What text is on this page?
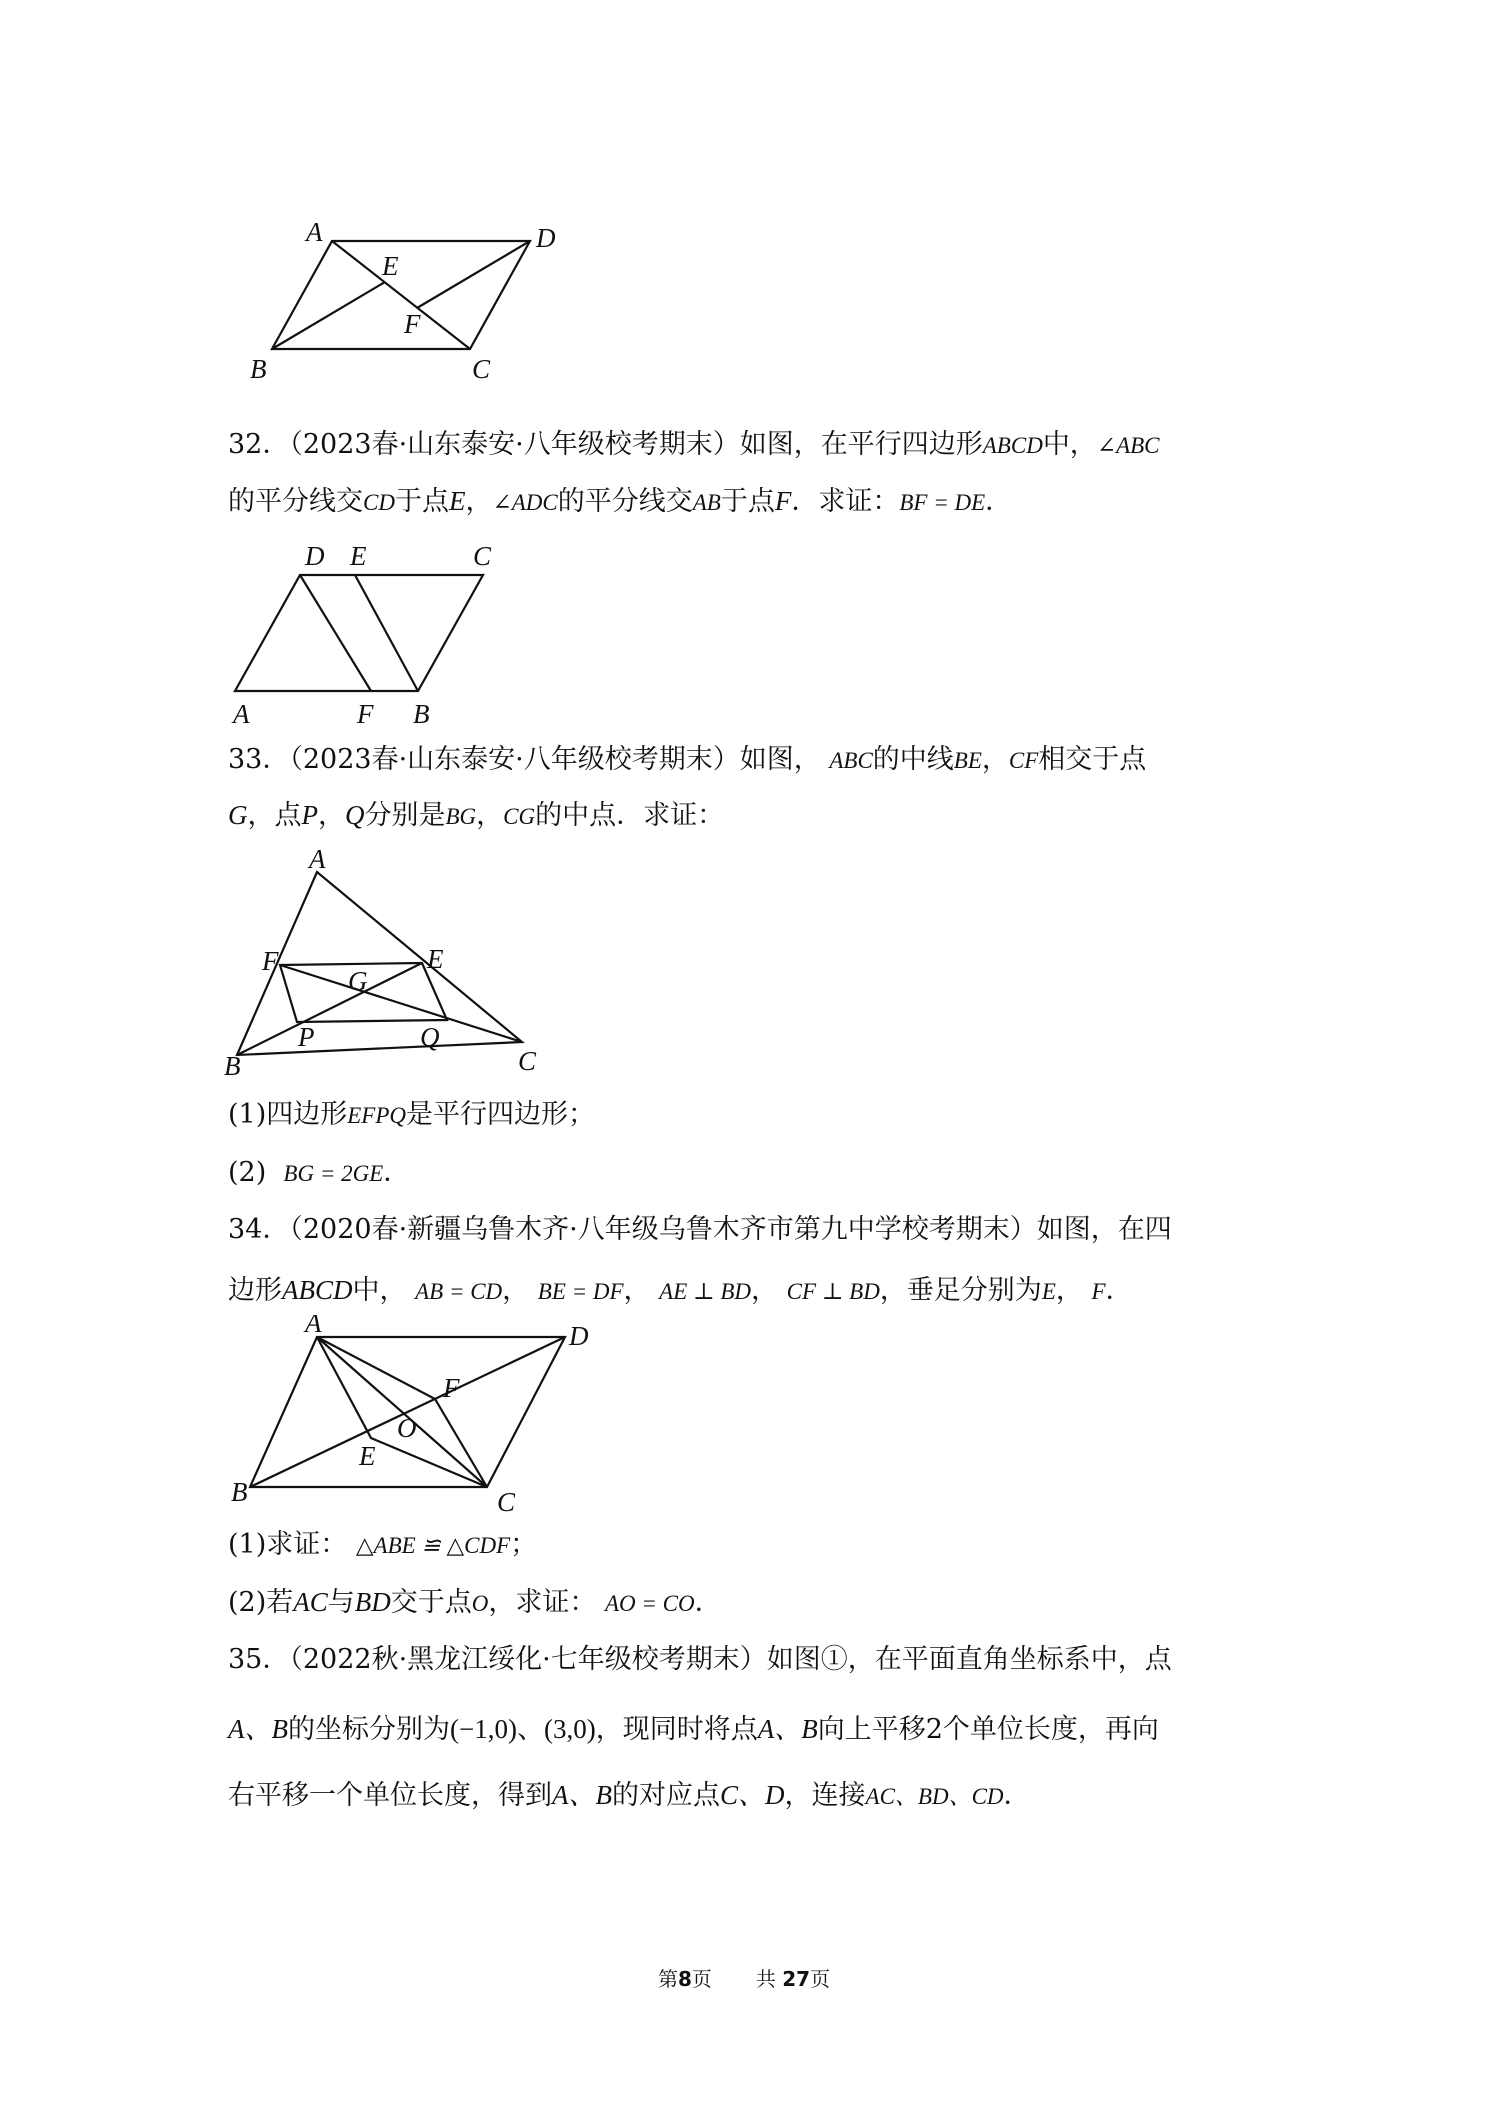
A	D
E
F
B	C
32．（2023春·山东泰安·八年级校考期末）如图，在平行四边形ABCD中，∠ABC
的平分线交CD于点E，∠ADC的平分线交AB于点F．求证：BF = DE．
D E	C
A	F B
33．（2023春·山东泰安·八年级校考期末）如图， ABC的中线BE，CF相交于点
G，点P，Q分别是BG，CG的中点．求证：
A
F	E
G
P	Q
B	C
(1)四边形EFPQ是平行四边形；
(2) BG = 2GE．
34．（2020春·新疆乌鲁木齐·八年级乌鲁木齐市第九中学校考期末）如图，在四
边形ABCD中， AB = CD， BE = DF， AE ⊥ BD， CF ⊥ BD，垂足分别为E， F．
A	D
F
O
E
B	C
(1)求证： △ABE ≌ △CDF；
(2)若AC与BD交于点O，求证： AO = CO．
35．（2022秋·黑龙江绥化·七年级校考期末）如图①，在平面直角坐标系中，点
A、B的坐标分别为(−1,0)、(3,0)，现同时将点A、B向上平移2个单位长度，再向
右平移一个单位长度，得到A、B的对应点C、D，连接AC、BD、CD．
第8页 共 27页
